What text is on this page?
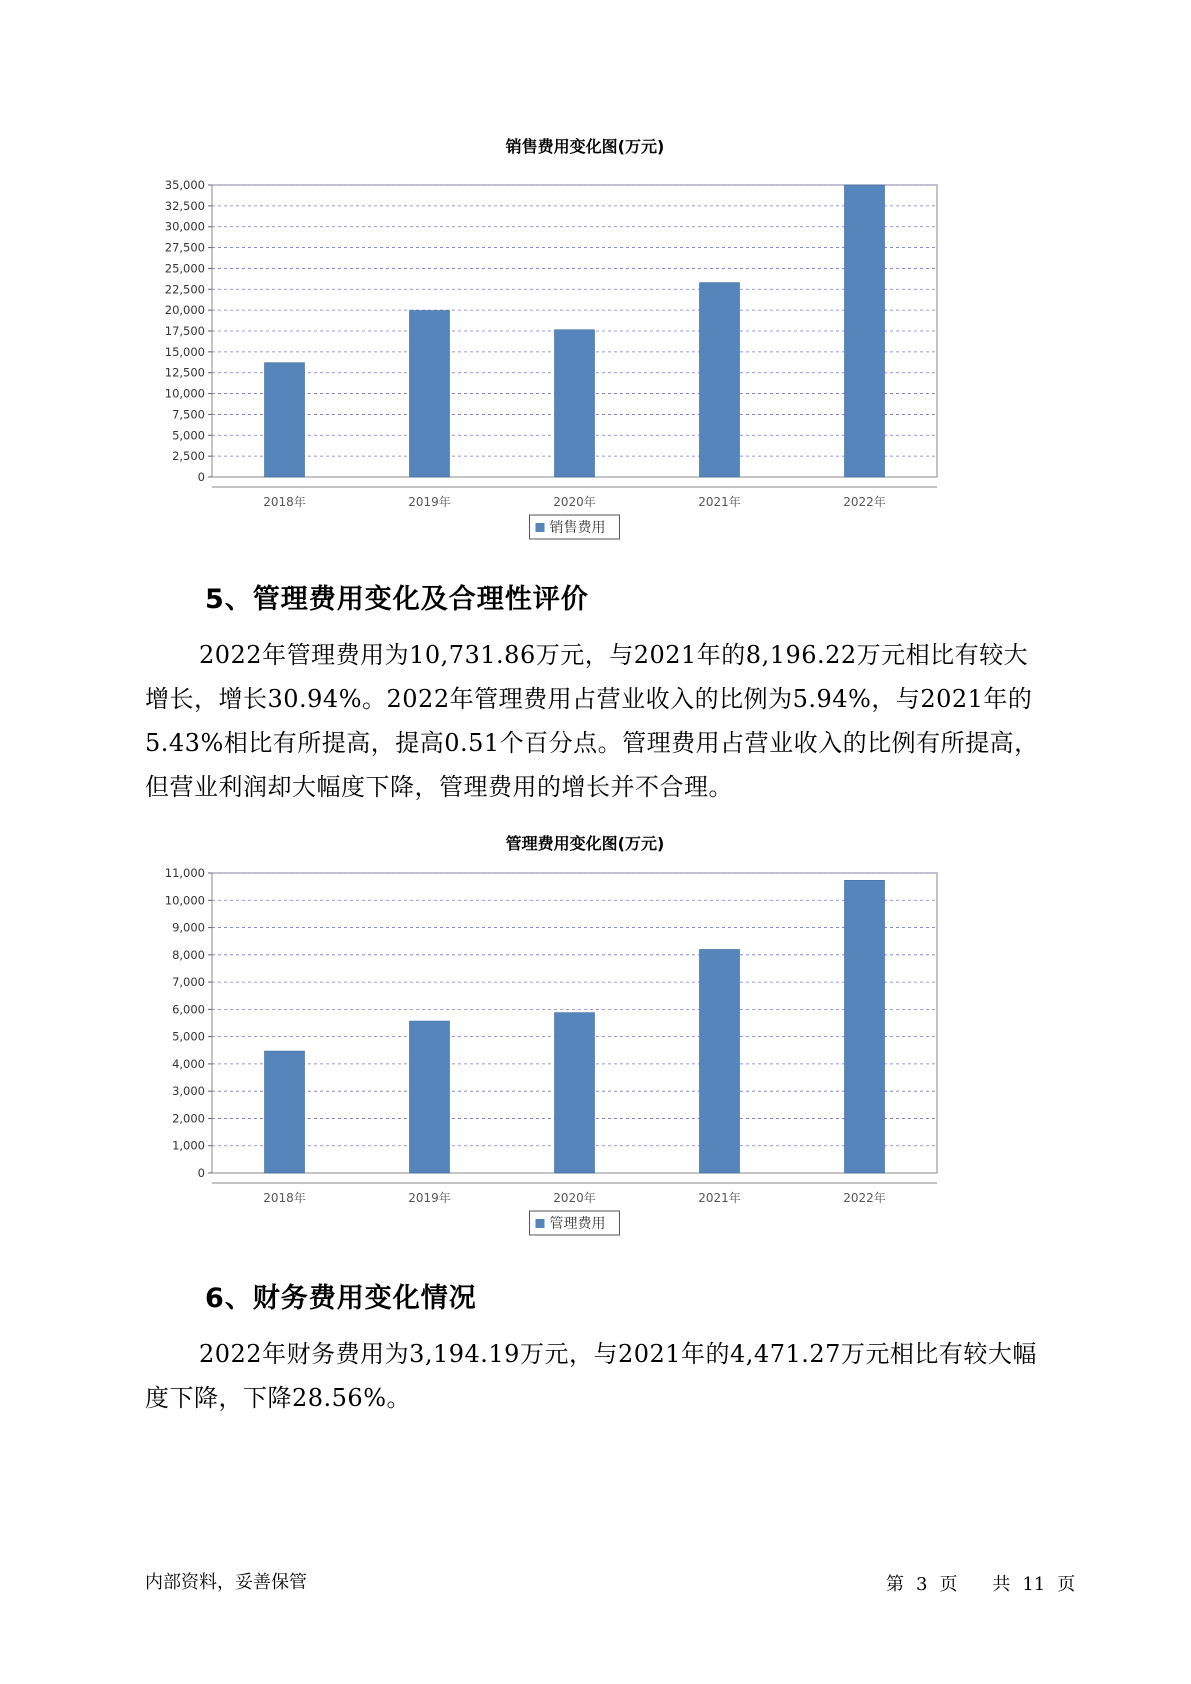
销售费用变化图(万元)
0
2,500
5,000
7,500
10,000
12,500
15,000
17,500
20,000
22,500
25,000
27,500
30,000
32,500
35,000
2018年	2019年	2020年	2021年	2022年
销售费用
5、管理费用变化及合理性评价

2022年管理费用为10,731.86万元，与2021年的8,196.22万元相比有较大增长，增长30.94%。2022年管理费用占营业收入的比例为5.94%，与2021年的5.43%相比有所提高，提高0.51个百分点。管理费用占营业收入的比例有所提高，但营业利润却大幅度下降，管理费用的增长并不合理。

管理费用变化图(万元)
0
1,000
2,000
3,000
4,000
5,000
6,000
7,000
8,000
9,000
10,000
11,000
2018年	2019年	2020年	2021年	2022年
管理费用
6、财务费用变化情况

2022年财务费用为3,194.19万元，与2021年的4,471.27万元相比有较大幅度下降，下降28.56%。

内部资料，妥善保管	第 3 页 共 11 页
